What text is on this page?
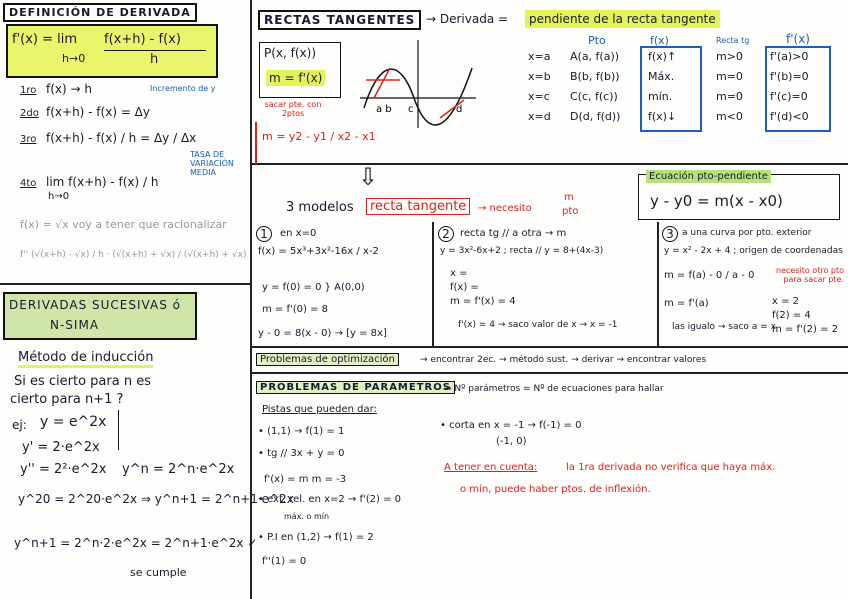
DEFINICIÓN DE DERIVADA
f'(x) = lim
h→0
f(x+h) - f(x)
h
1ro f(x) → h	Incremento de y
2do f(x+h) - f(x) = Δy
3ro f(x+h) - f(x) / h = Δy / Δx
TASA DE VARIACIÓN MEDIA
4to lim f(x+h) - f(x) / h
h→0
f(x) = √x voy a tener que racionalizar
f'' (√(x+h) - √x) / h · (√(x+h) + √x) / (√(x+h) + √x)
DERIVADAS SUCESIVAS ó
N-SIMA
Método de inducción
Si es cierto para n es
cierto para n+1 ?
ej: y = e^2x
y' = 2·e^2x
y'' = 2²·e^2x y^n = 2^n·e^2x
y^20 = 2^20·e^2x ⇒ y^n+1 = 2^n+1·e^2x
y^n+1 = 2^n·2·e^2x = 2^n+1·e^2x ✓
se cumple
RECTAS TANGENTES → Derivada =	pendiente de la recta tangente
P(x, f(x))
m = f'(x)
sacar pte. con 2ptos
m = y2 - y1 / x2 - x1
a b c	d
Pto	f(x)	Recta tg	f'(x)
x=a A(a, f(a))	f(x)↑	m>0 f'(a)>0
x=b B(b, f(b))	Máx.	m=0 f'(b)=0
x=c C(c, f(c))	mín.	m=0 f'(c)=0
x=d D(d, f(d))	f(x)↓	m<0 f'(d)<0
⇩
3 modelos	recta tangente	→ necesito
m
pto
Ecuación pto-pendiente
y - y0 = m(x - x0)
1	en x=0
f(x) = 5x³+3x²-16x / x-2
y = f(0) = 0 } A(0,0)
m = f'(0) = 8
y - 0 = 8(x - 0) → [y = 8x]
2	recta tg // a otra → m
y = 3x²-6x+2 ; recta // y = 8+(4x-3)
x =
f(x) =
m = f'(x) = 4
f'(x) = 4 → saco valor de x → x = -1
3 a una curva por pto. exterior
y = x² - 2x + 4 ; origen de coordenadas
m = f(a) - 0 / a - 0	necesito otro pto para sacar pte.
m = f'(a)
las igualo → saco a = x
x = 2
f(2) = 4
m = f'(2) = 2
Problemas de optimización	→ encontrar 2ec. → método sust. → derivar → encontrar valores
PROBLEMAS DE PARÁMETROS
→ Nº parámetros = Nº de ecuaciones para hallar
Pistas que pueden dar:
• (1,1) → f(1) = 1
• tg // 3x + y = 0
f'(x) = m m = -3
• ext. rel. en x=2 → f'(2) = 0
máx. o mín
• P.I en (1,2) → f(1) = 2
f''(1) = 0
• corta en x = -1 → f(-1) = 0
(-1, 0)
A tener en cuenta:	la 1ra derivada no verifica que haya máx.
o mín, puede haber ptos. de inflexión.
